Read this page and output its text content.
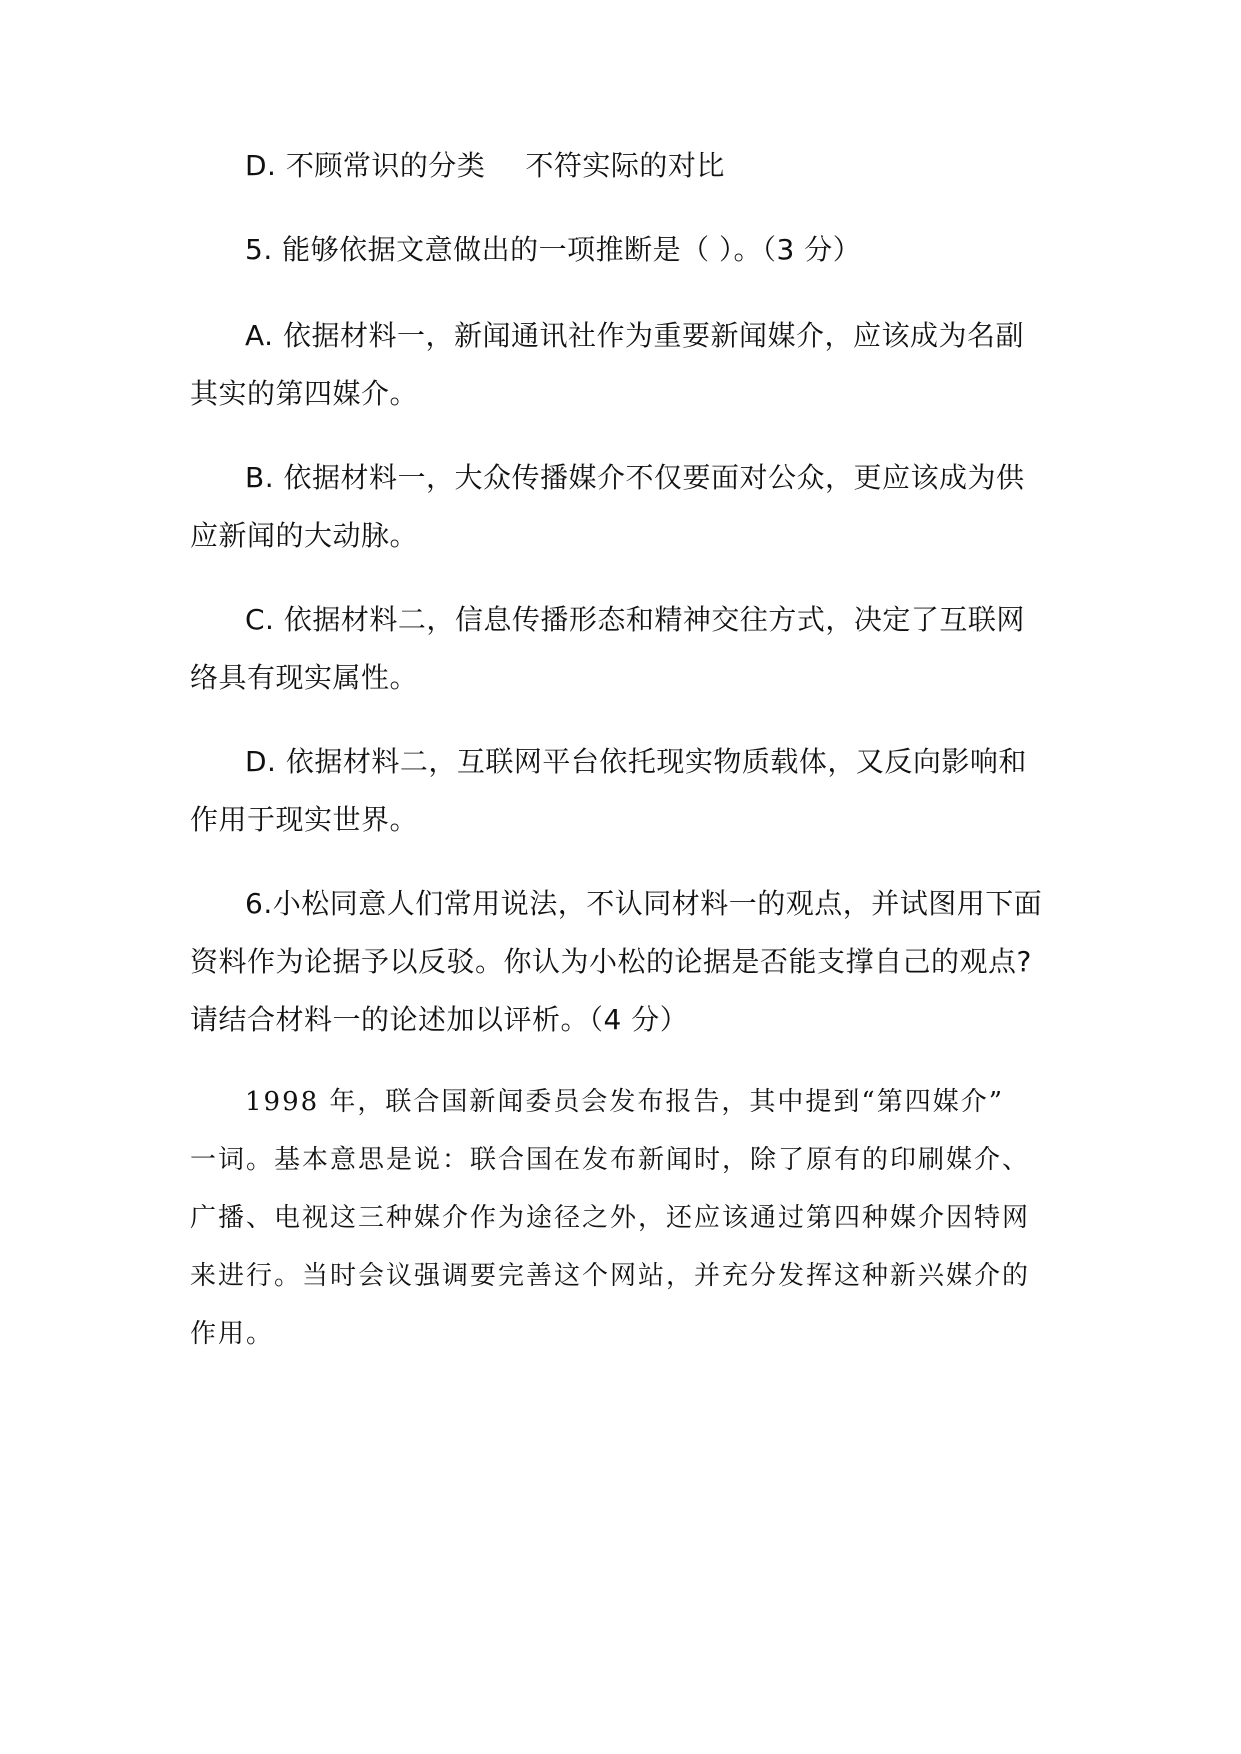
D. 不顾常识的分类 不符实际的对比
5. 能够依据文意做出的一项推断是（ ）。（3 分）
A. 依据材料一，新闻通讯社作为重要新闻媒介，应该成为名副
其实的第四媒介。
B. 依据材料一，大众传播媒介不仅要面对公众，更应该成为供
应新闻的大动脉。
C. 依据材料二，信息传播形态和精神交往方式，决定了互联网
络具有现实属性。
D. 依据材料二，互联网平台依托现实物质载体，又反向影响和
作用于现实世界。
6.小松同意人们常用说法，不认同材料一的观点，并试图用下面
资料作为论据予以反驳。你认为小松的论据是否能支撑自己的观点?
请结合材料一的论述加以评析。（4 分）
1998 年，联合国新闻委员会发布报告，其中提到“第四媒介”
一词。基本意思是说：联合国在发布新闻时，除了原有的印刷媒介、
广播、电视这三种媒介作为途径之外，还应该通过第四种媒介因特网
来进行。当时会议强调要完善这个网站，并充分发挥这种新兴媒介的
作用。
